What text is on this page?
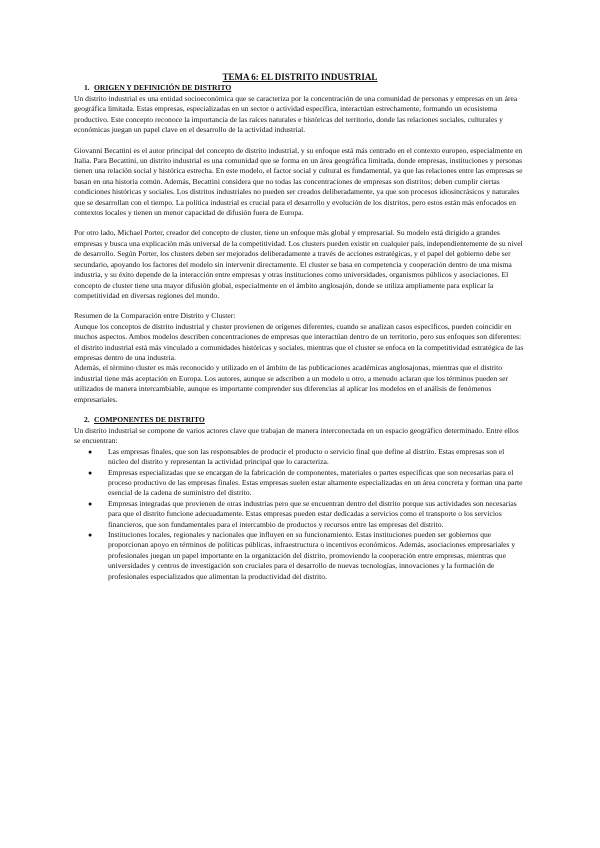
TEMA 6: EL DISTRITO INDUSTRIAL
1. ORIGEN Y DEFINICIÓN DE DISTRITO

Un distrito industrial es una entidad socioeconómica que se caracteriza por la concentración de una comunidad de personas y empresas en un área geográfica limitada. Estas empresas, especializadas en un sector o actividad específica, interactúan estrechamente, formando un ecosistema productivo. Este concepto reconoce la importancia de las raíces naturales e históricas del territorio, donde las relaciones sociales, culturales y económicas juegan un papel clave en el desarrollo de la actividad industrial.

Giovanni Becattini es el autor principal del concepto de distrito industrial, y su enfoque está más centrado en el contexto europeo, especialmente en Italia. Para Becattini, un distrito industrial es una comunidad que se forma en un área geográfica limitada, donde empresas, instituciones y personas tienen una relación social y histórica estrecha. En este modelo, el factor social y cultural es fundamental, ya que las relaciones entre las empresas se basan en una historia común. Además, Becattini considera que no todas las concentraciones de empresas son distritos; deben cumplir ciertas condiciones históricas y sociales. Los distritos industriales no pueden ser creados deliberadamente, ya que son procesos idiosincrásicos y naturales que se desarrollan con el tiempo. La política industrial es crucial para el desarrollo y evolución de los distritos, pero estos están más enfocados en contextos locales y tienen un menor capacidad de difusión fuera de Europa.

Por otro lado, Michael Porter, creador del concepto de cluster, tiene un enfoque más global y empresarial. Su modelo está dirigido a grandes empresas y busca una explicación más universal de la competitividad. Los clusters pueden existir en cualquier país, independientemente de su nivel de desarrollo. Según Porter, los clusters deben ser mejorados deliberadamente a través de acciones estratégicas, y el papel del gobierno debe ser secundario, apoyando los factores del modelo sin intervenir directamente. El cluster se basa en competencia y cooperación dentro de una misma industria, y su éxito depende de la interacción entre empresas y otras instituciones como universidades, organismos públicos y asociaciones. El concepto de cluster tiene una mayor difusión global, especialmente en el ámbito anglosajón, donde se utiliza ampliamente para explicar la competitividad en diversas regiones del mundo.

Resumen de la Comparación entre Distrito y Cluster:

Aunque los conceptos de distrito industrial y cluster provienen de orígenes diferentes, cuando se analizan casos específicos, pueden coincidir en muchos aspectos. Ambos modelos describen concentraciones de empresas que interactúan dentro de un territorio, pero sus enfoques son diferentes: el distrito industrial está más vinculado a comunidades históricas y sociales, mientras que el cluster se enfoca en la competitividad estratégica de las empresas dentro de una industria.

Además, el término cluster es más reconocido y utilizado en el ámbito de las publicaciones académicas anglosajonas, mientras que el distrito industrial tiene más aceptación en Europa. Los autores, aunque se adscriben a un modelo u otro, a menudo aclaran que los términos pueden ser utilizados de manera intercambiable, aunque es importante comprender sus diferencias al aplicar los modelos en el análisis de fenómenos empresariales.

2. COMPONENTES DE DISTRITO

Un distrito industrial se compone de varios actores clave que trabajan de manera interconectada en un espacio geográfico determinado. Entre ellos se encuentran:

● Las empresas finales, que son las responsables de producir el producto o servicio final que define al distrito. Estas empresas son el núcleo del distrito y representan la actividad principal que lo caracteriza.
● Empresas especializadas que se encargan de la fabricación de componentes, materiales o partes específicas que son necesarias para el proceso productivo de las empresas finales. Estas empresas suelen estar altamente especializadas en un área concreta y forman una parte esencial de la cadena de suministro del distrito.
● Empresas integradas que provienen de otras industrias pero que se encuentran dentro del distrito porque sus actividades son necesarias para que el distrito funcione adecuadamente. Estas empresas pueden estar dedicadas a servicios como el transporte o los servicios financieros, que son fundamentales para el intercambio de productos y recursos entre las empresas del distrito.
● Instituciones locales, regionales y nacionales que influyen en su funcionamiento. Estas instituciones pueden ser gobiernos que proporcionan apoyo en términos de políticas públicas, infraestructura o incentivos económicos. Además, asociaciones empresariales y profesionales juegan un papel importante en la organización del distrito, promoviendo la cooperación entre empresas, mientras que universidades y centros de investigación son cruciales para el desarrollo de nuevas tecnologías, innovaciones y la formación de profesionales especializados que alimentan la productividad del distrito.
